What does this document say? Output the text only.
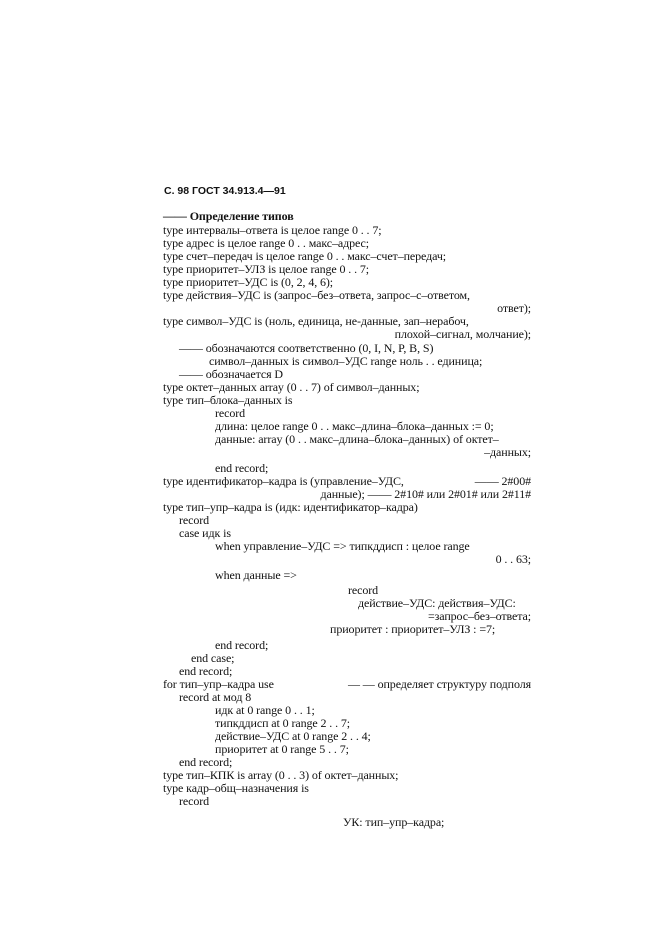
С. 98 ГОСТ 34.913.4—91
—— Определение типов
type интервалы–ответа is целое range 0 . . 7;
type адрес is целое range 0 . . макс–адрес;
type счет–передач is целое range 0 . . макс–счет–передач;
type приоритет–УЛЗ is целое range 0 . . 7;
type приоритет–УДС is (0, 2, 4, 6);
type действия–УДС is (запрос–без–ответа, запрос–с–ответом,
ответ);
type символ–УДС is (ноль, единица, не-данные, зап–нерабоч,
плохой–сигнал, молчание);
—— обозначаются соответственно (0, I, N, P, B, S)
символ–данных is символ–УДС range ноль . . единица;
—— обозначается D
type октет–данных array (0 . . 7) of символ–данных;
type тип–блока–данных is
record
длина: целое range 0 . . макс–длина–блока–данных := 0;
данные: array (0 . . макс–длина–блока–данных) of октет–
–данных;
end record;
type идентификатор–кадра is (управление–УДС,	—— 2#00#
данные); —— 2#10# или 2#01# или 2#11#
type тип–упр–кадра is (идк: идентификатор–кадра)
record
case идк is
when управление–УДС => типкддисп : целое range
0 . . 63;
when данные =>
record
действие–УДС: действия–УДС:
=запрос–без–ответа;
приоритет : приоритет–УЛЗ : =7;
end record;
end case;
end record;
for тип–упр–кадра use	— — определяет структуру подполя
record at мод 8
идк at 0 range 0 . . 1;
типкддисп at 0 range 2 . . 7;
действие–УДС at 0 range 2 . . 4;
приоритет at 0 range 5 . . 7;
end record;
type тип–КПК is array (0 . . 3) of октет–данных;
type кадр–общ–назначения is
record
УК: тип–упр–кадра;
